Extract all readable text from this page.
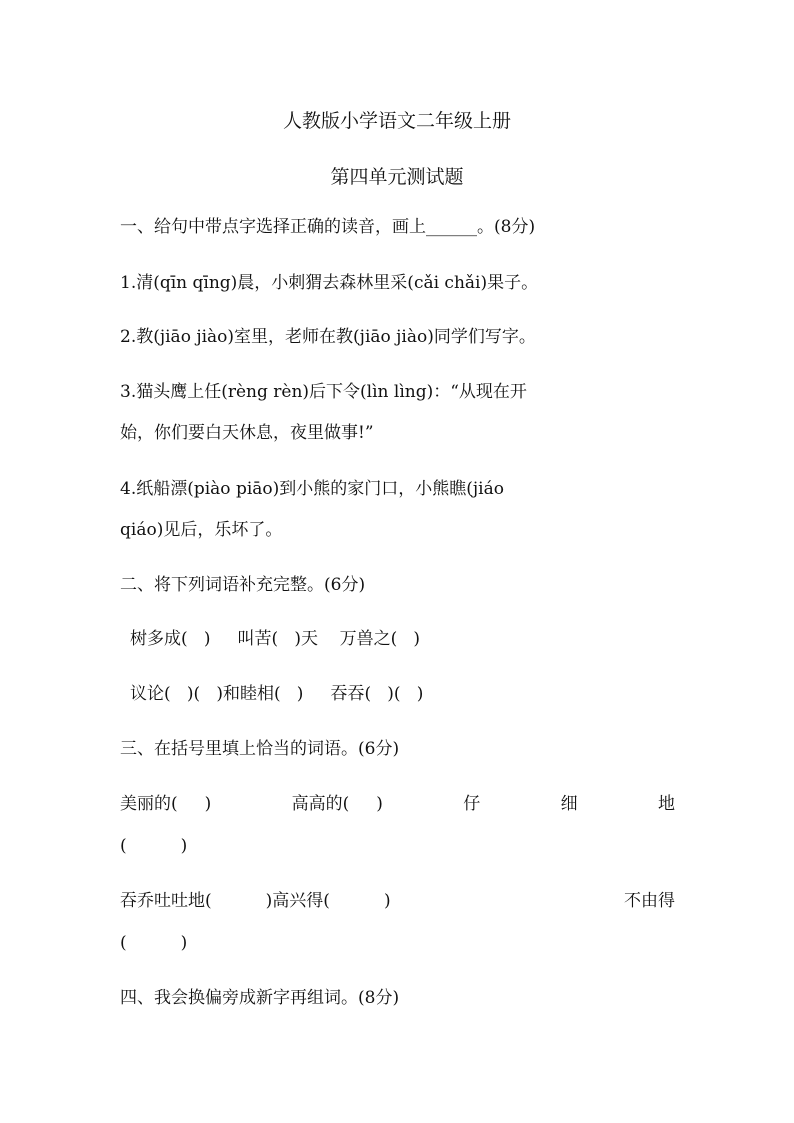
人教版小学语文二年级上册
第四单元测试题
一、给句中带点字选择正确的读音，画上______。(8分)
1.清(qīn qīng)晨，小刺猬去森林里采(cǎi chǎi)果子。
2.教(jiāo jiào)室里，老师在教(jiāo jiào)同学们写字。
3.猫头鹰上任(rèng rèn)后下令(lìn lìng)：“从现在开
始，你们要白天休息，夜里做事!”
4.纸船漂(piào piāo)到小熊的家门口，小熊瞧(jiáo
qiáo)见后，乐坏了。
二、将下列词语补充完整。(6分)
树多成(   )     叫苦(   )天    万兽之(   )
议论(   )(   )和睦相(   )     吞吞(   )(   )
三、在括号里填上恰当的词语。(6分)
美丽的(     )	高高的(     )	仔	细	地
(          )
吞乔吐吐地(          )高兴得(          )	不由得
(          )
四、我会换偏旁成新字再组词。(8分)
